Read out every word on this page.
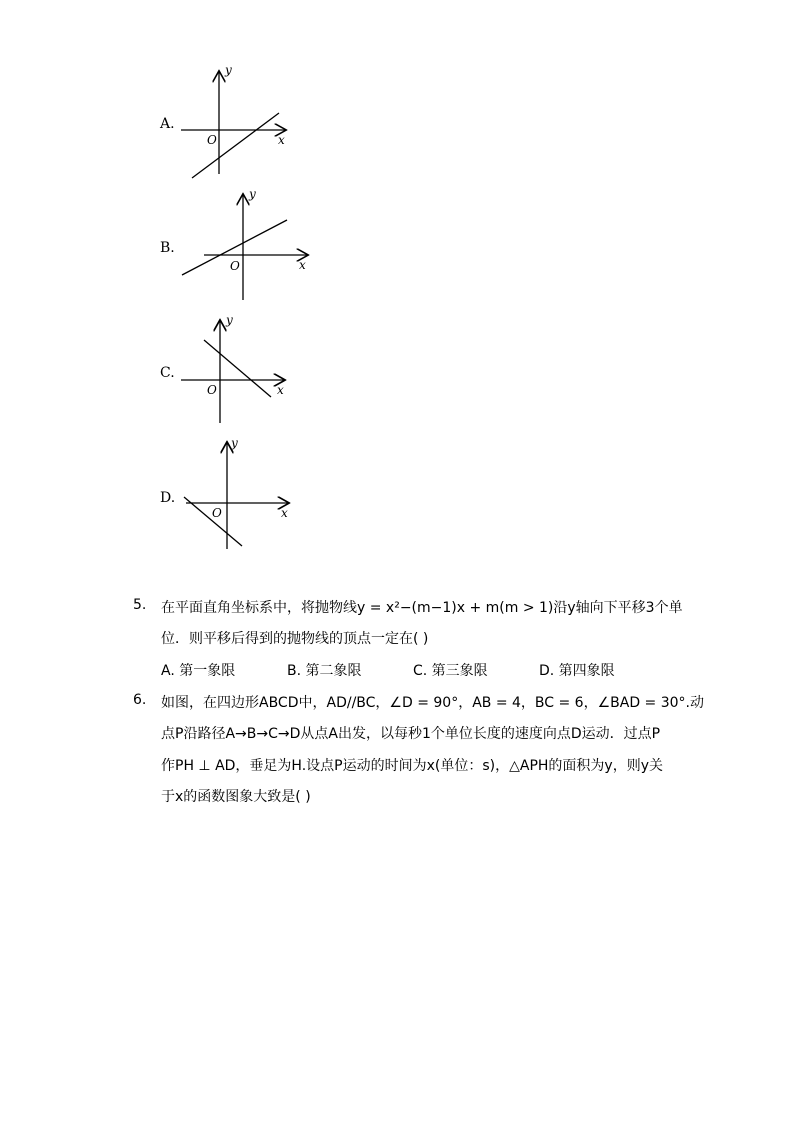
A.
y
x
O
B.
y
x
O
C.
y
x
O
D.
y
x
O
5. 在平面直角坐标系中，将抛物线y = x²−(m−1)x + m(m > 1)沿y轴向下平移3个单
位．则平移后得到的抛物线的顶点一定在( )
A. 第一象限	B. 第二象限	C. 第三象限	D. 第四象限
6. 如图，在四边形ABCD中，AD//BC，∠D = 90°，AB = 4，BC = 6，∠BAD = 30°.动
点P沿路径A→B→C→D从点A出发，以每秒1个单位长度的速度向点D运动．过点P
作PH ⊥ AD，垂足为H.设点P运动的时间为x(单位：s)，△APH的面积为y，则y关
于x的函数图象大致是( )
